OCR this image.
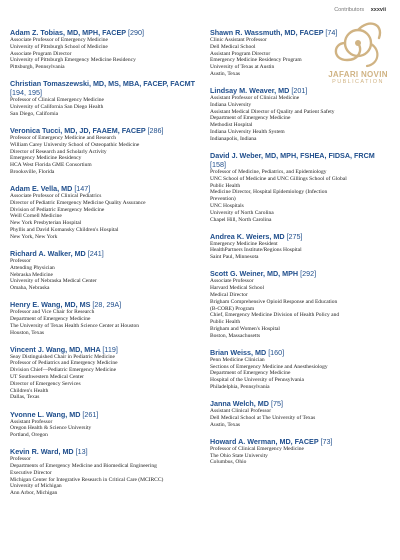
Contributors xxxvii
JAFARI NOVIN
PUBLICATION
Adam Z. Tobias, MD, MPH, FACEP [290]
Associate Professor of Emergency Medicine
University of Pittsburgh School of Medicine
Associate Program Director
University of Pittsburgh Emergency Medicine Residency
Pittsburgh, Pennsylvania
Christian Tomaszewski, MD, MS, MBA, FACEP, FACMT [194, 195]
Professor of Clinical Emergency Medicine
University of California San Diego Health
San Diego, California
Veronica Tucci, MD, JD, FAAEM, FACEP [286]
Professor of Emergency Medicine and Research
William Carey University School of Osteopathic Medicine
Director of Research and Scholarly Activity
Emergency Medicine Residency
HCA West Florida GME Consortium
Brooksville, Florida
Adam E. Vella, MD [147]
Associate Professor of Clinical Pediatrics
Director of Pediatric Emergency Medicine Quality Assurance
Division of Pediatric Emergency Medicine
Weill Cornell Medicine
New York Presbyterian Hospital
Phyllis and David Komansky Children's Hospital
New York, New York
Richard A. Walker, MD [241]
Professor
Attending Physician
Nebraska Medicine
University of Nebraska Medical Center
Omaha, Nebraska
Henry E. Wang, MD, MS [28, 29A]
Professor and Vice Chair for Research
Department of Emergency Medicine
The University of Texas Health Science Center at Houston
Houston, Texas
Vincent J. Wang, MD, MHA [119]
Seay Distinguished Chair in Pediatric Medicine
Professor of Pediatrics and Emergency Medicine
Division Chief—Pediatric Emergency Medicine
UT Southwestern Medical Center
Director of Emergency Services
Children's Health
Dallas, Texas
Yvonne L. Wang, MD [261]
Assistant Professor
Oregon Health & Science University
Portland, Oregon
Kevin R. Ward, MD [13]
Professor
Departments of Emergency Medicine and Biomedical Engineering
Executive Director
Michigan Center for Integrative Research in Critical Care (MCIRCC)
University of Michigan
Ann Arbor, Michigan
Shawn R. Wassmuth, MD, FACEP [74]
Clinic Assistant Professor
Dell Medical School
Assistant Program Director
Emergency Medicine Residency Program
University of Texas at Austin
Austin, Texas
Lindsay M. Weaver, MD [201]
Assistant Professor of Clinical Medicine
Indiana University
Assistant Medical Director of Quality and Patient Safety
Department of Emergency Medicine
Methodist Hospital
Indiana University Health System
Indianapolis, Indiana
David J. Weber, MD, MPH, FSHEA, FIDSA, FRCM [158]
Professor of Medicine, Pediatrics, and Epidemiology
UNC School of Medicine and UNC Gillings School of Global
Public Health
Medicine Director, Hospital Epidemiology (Infection
Prevention)
UNC Hospitals
University of North Carolina
Chapel Hill, North Carolina
Andrea K. Weiers, MD [275]
Emergency Medicine Resident
HealthPartners Institute/Regions Hospital
Saint Paul, Minnesota
Scott G. Weiner, MD, MPH [292]
Associate Professor
Harvard Medical School
Medical Director
Brigham Comprehensive Opioid Response and Education
(B-CORE) Program
Chief, Emergency Medicine Division of Health Policy and
Public Health
Brigham and Women's Hospital
Boston, Massachusetts
Brian Weiss, MD [160]
Penn Medicine Clinician
Sections of Emergency Medicine and Anesthesiology
Department of Emergency Medicine
Hospital of the University of Pennsylvania
Philadelphia, Pennsylvania
Janna Welch, MD [75]
Assistant Clinical Professor
Dell Medical School at The University of Texas
Austin, Texas
Howard A. Werman, MD, FACEP [73]
Professor of Clinical Emergency Medicine
The Ohio State University
Columbus, Ohio
